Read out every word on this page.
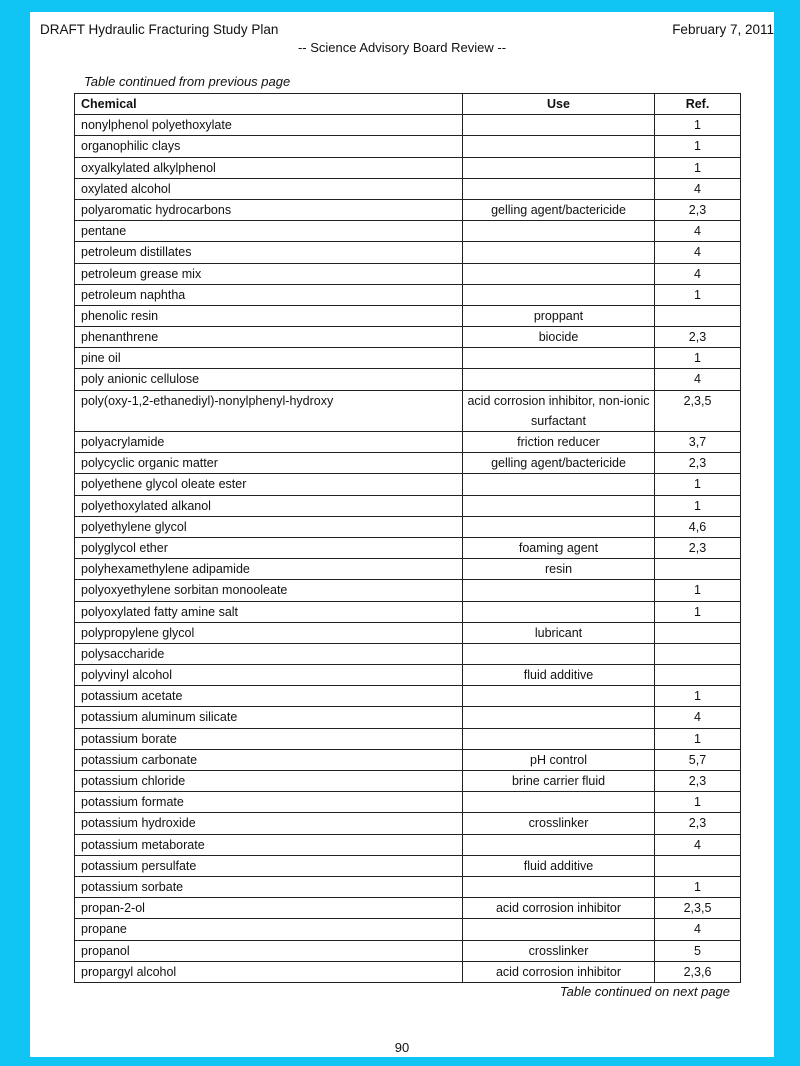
DRAFT Hydraulic Fracturing Study Plan	February 7, 2011
-- Science Advisory Board Review --
Table continued from previous page
Chemical	Use	Ref.
nonylphenol polyethoxylate		1
organophilic clays		1
oxyalkylated alkylphenol		1
oxylated alcohol		4
polyaromatic hydrocarbons	gelling agent/bactericide	2,3
pentane		4
petroleum distillates		4
petroleum grease mix		4
petroleum naphtha		1
phenolic resin	proppant	
phenanthrene	biocide	2,3
pine oil		1
poly anionic cellulose		4
poly(oxy-1,2-ethanediyl)-nonylphenyl-hydroxy	acid corrosion inhibitor, non-ionic surfactant	2,3,5
polyacrylamide	friction reducer	3,7
polycyclic organic matter	gelling agent/bactericide	2,3
polyethene glycol oleate ester		1
polyethoxylated alkanol		1
polyethylene glycol		4,6
polyglycol ether	foaming agent	2,3
polyhexamethylene adipamide	resin	
polyoxyethylene sorbitan monooleate		1
polyoxylated fatty amine salt		1
polypropylene glycol	lubricant	
polysaccharide		
polyvinyl alcohol	fluid additive	
potassium acetate		1
potassium aluminum silicate		4
potassium borate		1
potassium carbonate	pH control	5,7
potassium chloride	brine carrier fluid	2,3
potassium formate		1
potassium hydroxide	crosslinker	2,3
potassium metaborate		4
potassium persulfate	fluid additive	
potassium sorbate		1
propan-2-ol	acid corrosion inhibitor	2,3,5
propane		4
propanol	crosslinker	5
propargyl alcohol	acid corrosion inhibitor	2,3,6
Table continued on next page
90
